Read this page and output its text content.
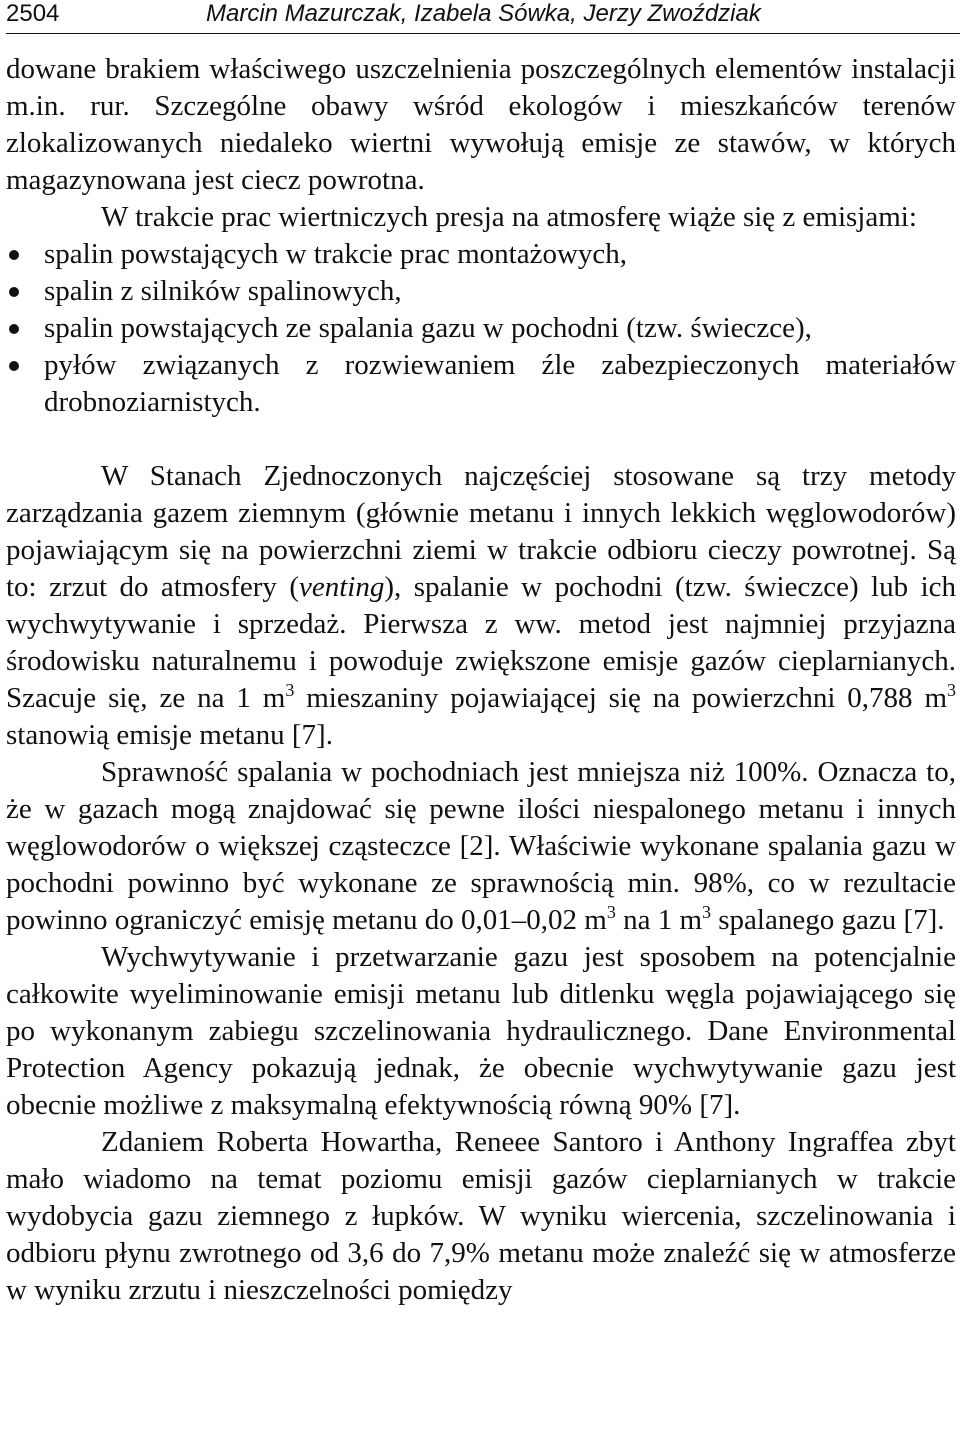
2504	Marcin Mazurczak, Izabela Sówka, Jerzy Zwoździak

dowane brakiem właściwego uszczelnienia poszczególnych elementów instalacji m.in. rur. Szczególne obawy wśród ekologów i mieszkańców terenów zlokalizowanych niedaleko wiertni wywołują emisje ze stawów, w których magazynowana jest ciecz powrotna.

W trakcie prac wiertniczych presja na atmosferę wiąże się z emisjami:

spalin powstających w trakcie prac montażowych,
spalin z silników spalinowych,
spalin powstających ze spalania gazu w pochodni (tzw. świeczce),
pyłów związanych z rozwiewaniem źle zabezpieczonych materiałów drobnoziarnistych.

W Stanach Zjednoczonych najczęściej stosowane są trzy metody zarządzania gazem ziemnym (głównie metanu i innych lekkich węglowodorów) pojawiającym się na powierzchni ziemi w trakcie odbioru cieczy powrotnej. Są to: zrzut do atmosfery (venting), spalanie w pochodni (tzw. świeczce) lub ich wychwytywanie i sprzedaż. Pierwsza z ww. metod jest najmniej przyjazna środowisku naturalnemu i powoduje zwiększone emisje gazów cieplarnianych. Szacuje się, ze na 1 $m^3$ mieszaniny pojawiającej się na powierzchni 0,788 $m^3$ stanowią emisje metanu [7].

Sprawność spalania w pochodniach jest mniejsza niż 100%. Oznacza to, że w gazach mogą znajdować się pewne ilości niespalonego metanu i innych węglowodorów o większej cząsteczce [2]. Właściwie wykonane spalania gazu w pochodni powinno być wykonane ze sprawnością min. 98%, co w rezultacie powinno ograniczyć emisję metanu do 0,01–0,02 $m^3$ na 1 $m^3$ spalanego gazu [7].

Wychwytywanie i przetwarzanie gazu jest sposobem na potencjalnie całkowite wyeliminowanie emisji metanu lub ditlenku węgla pojawiającego się po wykonanym zabiegu szczelinowania hydraulicznego. Dane Environmental Protection Agency pokazują jednak, że obecnie wychwytywanie gazu jest obecnie możliwe z maksymalną efektywnością równą 90% [7].

Zdaniem Roberta Howartha, Reneee Santoro i Anthony Ingraffea zbyt mało wiadomo na temat poziomu emisji gazów cieplarnianych w trakcie wydobycia gazu ziemnego z łupków. W wyniku wiercenia, szczelinowania i odbioru płynu zwrotnego od 3,6 do 7,9% metanu może znaleźć się w atmosferze w wyniku zrzutu i nieszczelności pomiędzy
